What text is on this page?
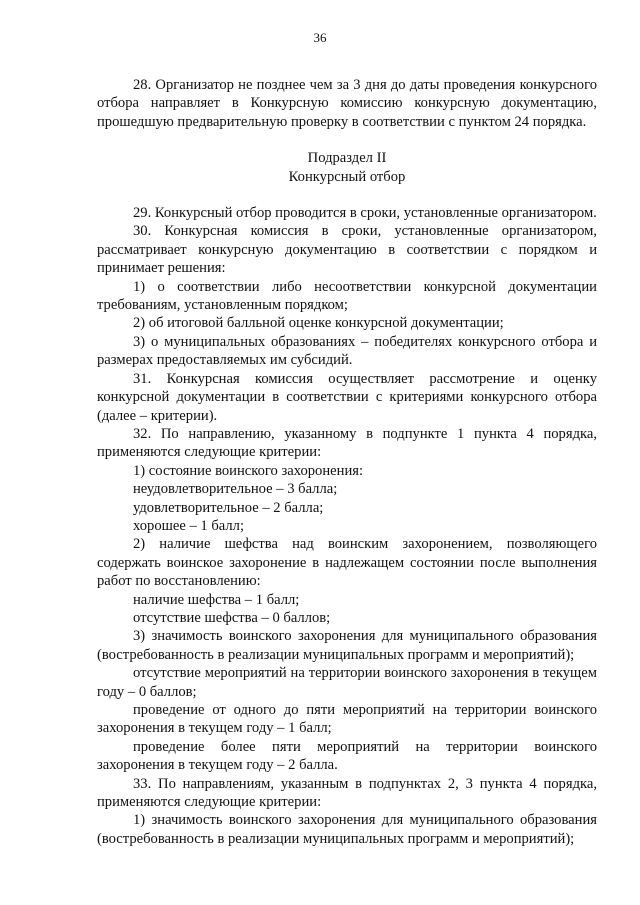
36

28. Организатор не позднее чем за 3 дня до даты проведения конкурсного отбора направляет в Конкурсную комиссию конкурсную документацию, прошедшую предварительную проверку в соответствии с пунктом 24 порядка.

Подраздел II

Конкурсный отбор

29. Конкурсный отбор проводится в сроки, установленные организатором.

30. Конкурсная комиссия в сроки, установленные организатором, рассматривает конкурсную документацию в соответствии с порядком и принимает решения:

1) о соответствии либо несоответствии конкурсной документации требованиям, установленным порядком;

2) об итоговой балльной оценке конкурсной документации;

3) о муниципальных образованиях – победителях конкурсного отбора и размерах предоставляемых им субсидий.

31. Конкурсная комиссия осуществляет рассмотрение и оценку конкурсной документации в соответствии с критериями конкурсного отбора (далее – критерии).

32. По направлению, указанному в подпункте 1 пункта 4 порядка, применяются следующие критерии:

1) состояние воинского захоронения:

неудовлетворительное – 3 балла;

удовлетворительное – 2 балла;

хорошее – 1 балл;

2) наличие шефства над воинским захоронением, позволяющего содержать воинское захоронение в надлежащем состоянии после выполнения работ по восстановлению:

наличие шефства – 1 балл;

отсутствие шефства – 0 баллов;

3) значимость воинского захоронения для муниципального образования (востребованность в реализации муниципальных программ и мероприятий);

отсутствие мероприятий на территории воинского захоронения в текущем году – 0 баллов;

проведение от одного до пяти мероприятий на территории воинского захоронения в текущем году – 1 балл;

проведение более пяти мероприятий на территории воинского захоронения в текущем году – 2 балла.

33. По направлениям, указанным в подпунктах 2, 3 пункта 4 порядка, применяются следующие критерии:

1) значимость воинского захоронения для муниципального образования (востребованность в реализации муниципальных программ и мероприятий);
